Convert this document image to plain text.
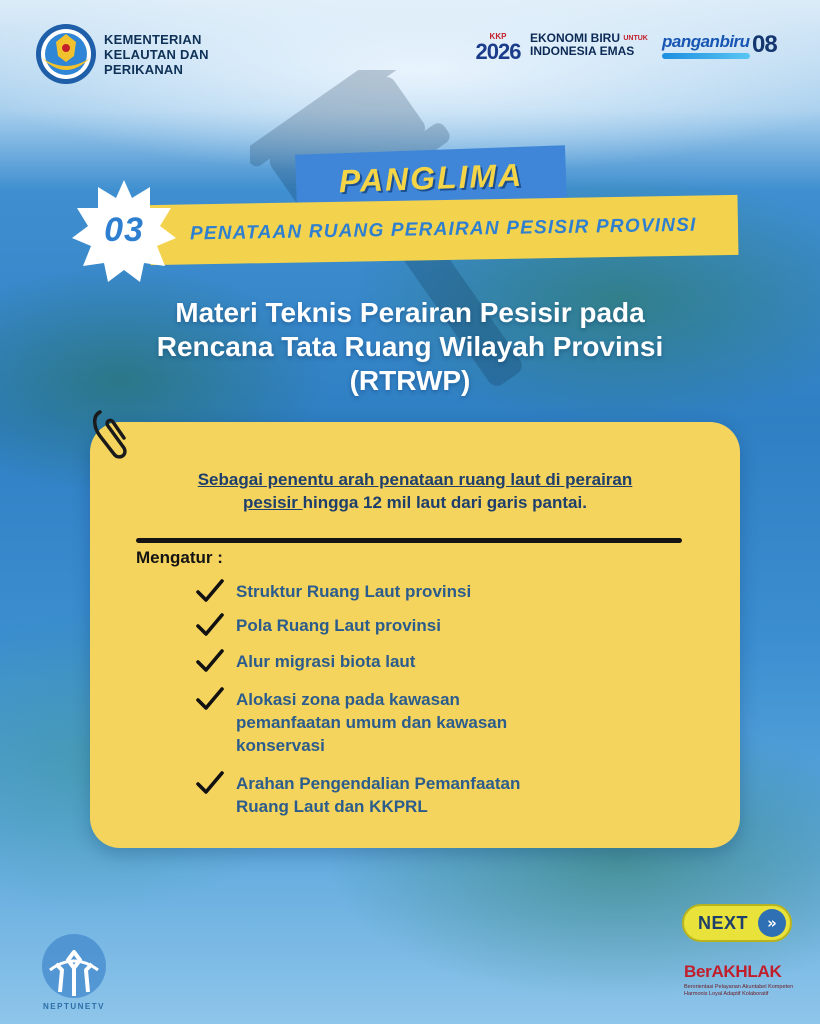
KEMENTERIAN
KELAUTAN DAN
PERIKANAN
KKP
2026
EKONOMI BIRU $^{UNTUK}$
INDONESIA EMAS	panganbiru 08
PANGLIMA
PENATAAN RUANG PERAIRAN PESISIR PROVINSI
03
Materi Teknis Perairan Pesisir pada
Rencana Tata Ruang Wilayah Provinsi
(RTRWP)
Sebagai penentu arah penataan ruang laut di perairan
pesisir hingga 12 mil laut dari garis pantai.
Mengatur :
Struktur Ruang Laut provinsi
Pola Ruang Laut provinsi
Alur migrasi biota laut
Alokasi zona pada kawasan
pemanfaatan umum dan kawasan
konservasi
Arahan Pengendalian Pemanfaatan
Ruang Laut dan KKPRL
NEPTUNETV
NEXT	»
BerAKHLAK
Berorientasi Pelayanan Akuntabel Kompeten Harmonis Loyal Adaptif Kolaboratif
